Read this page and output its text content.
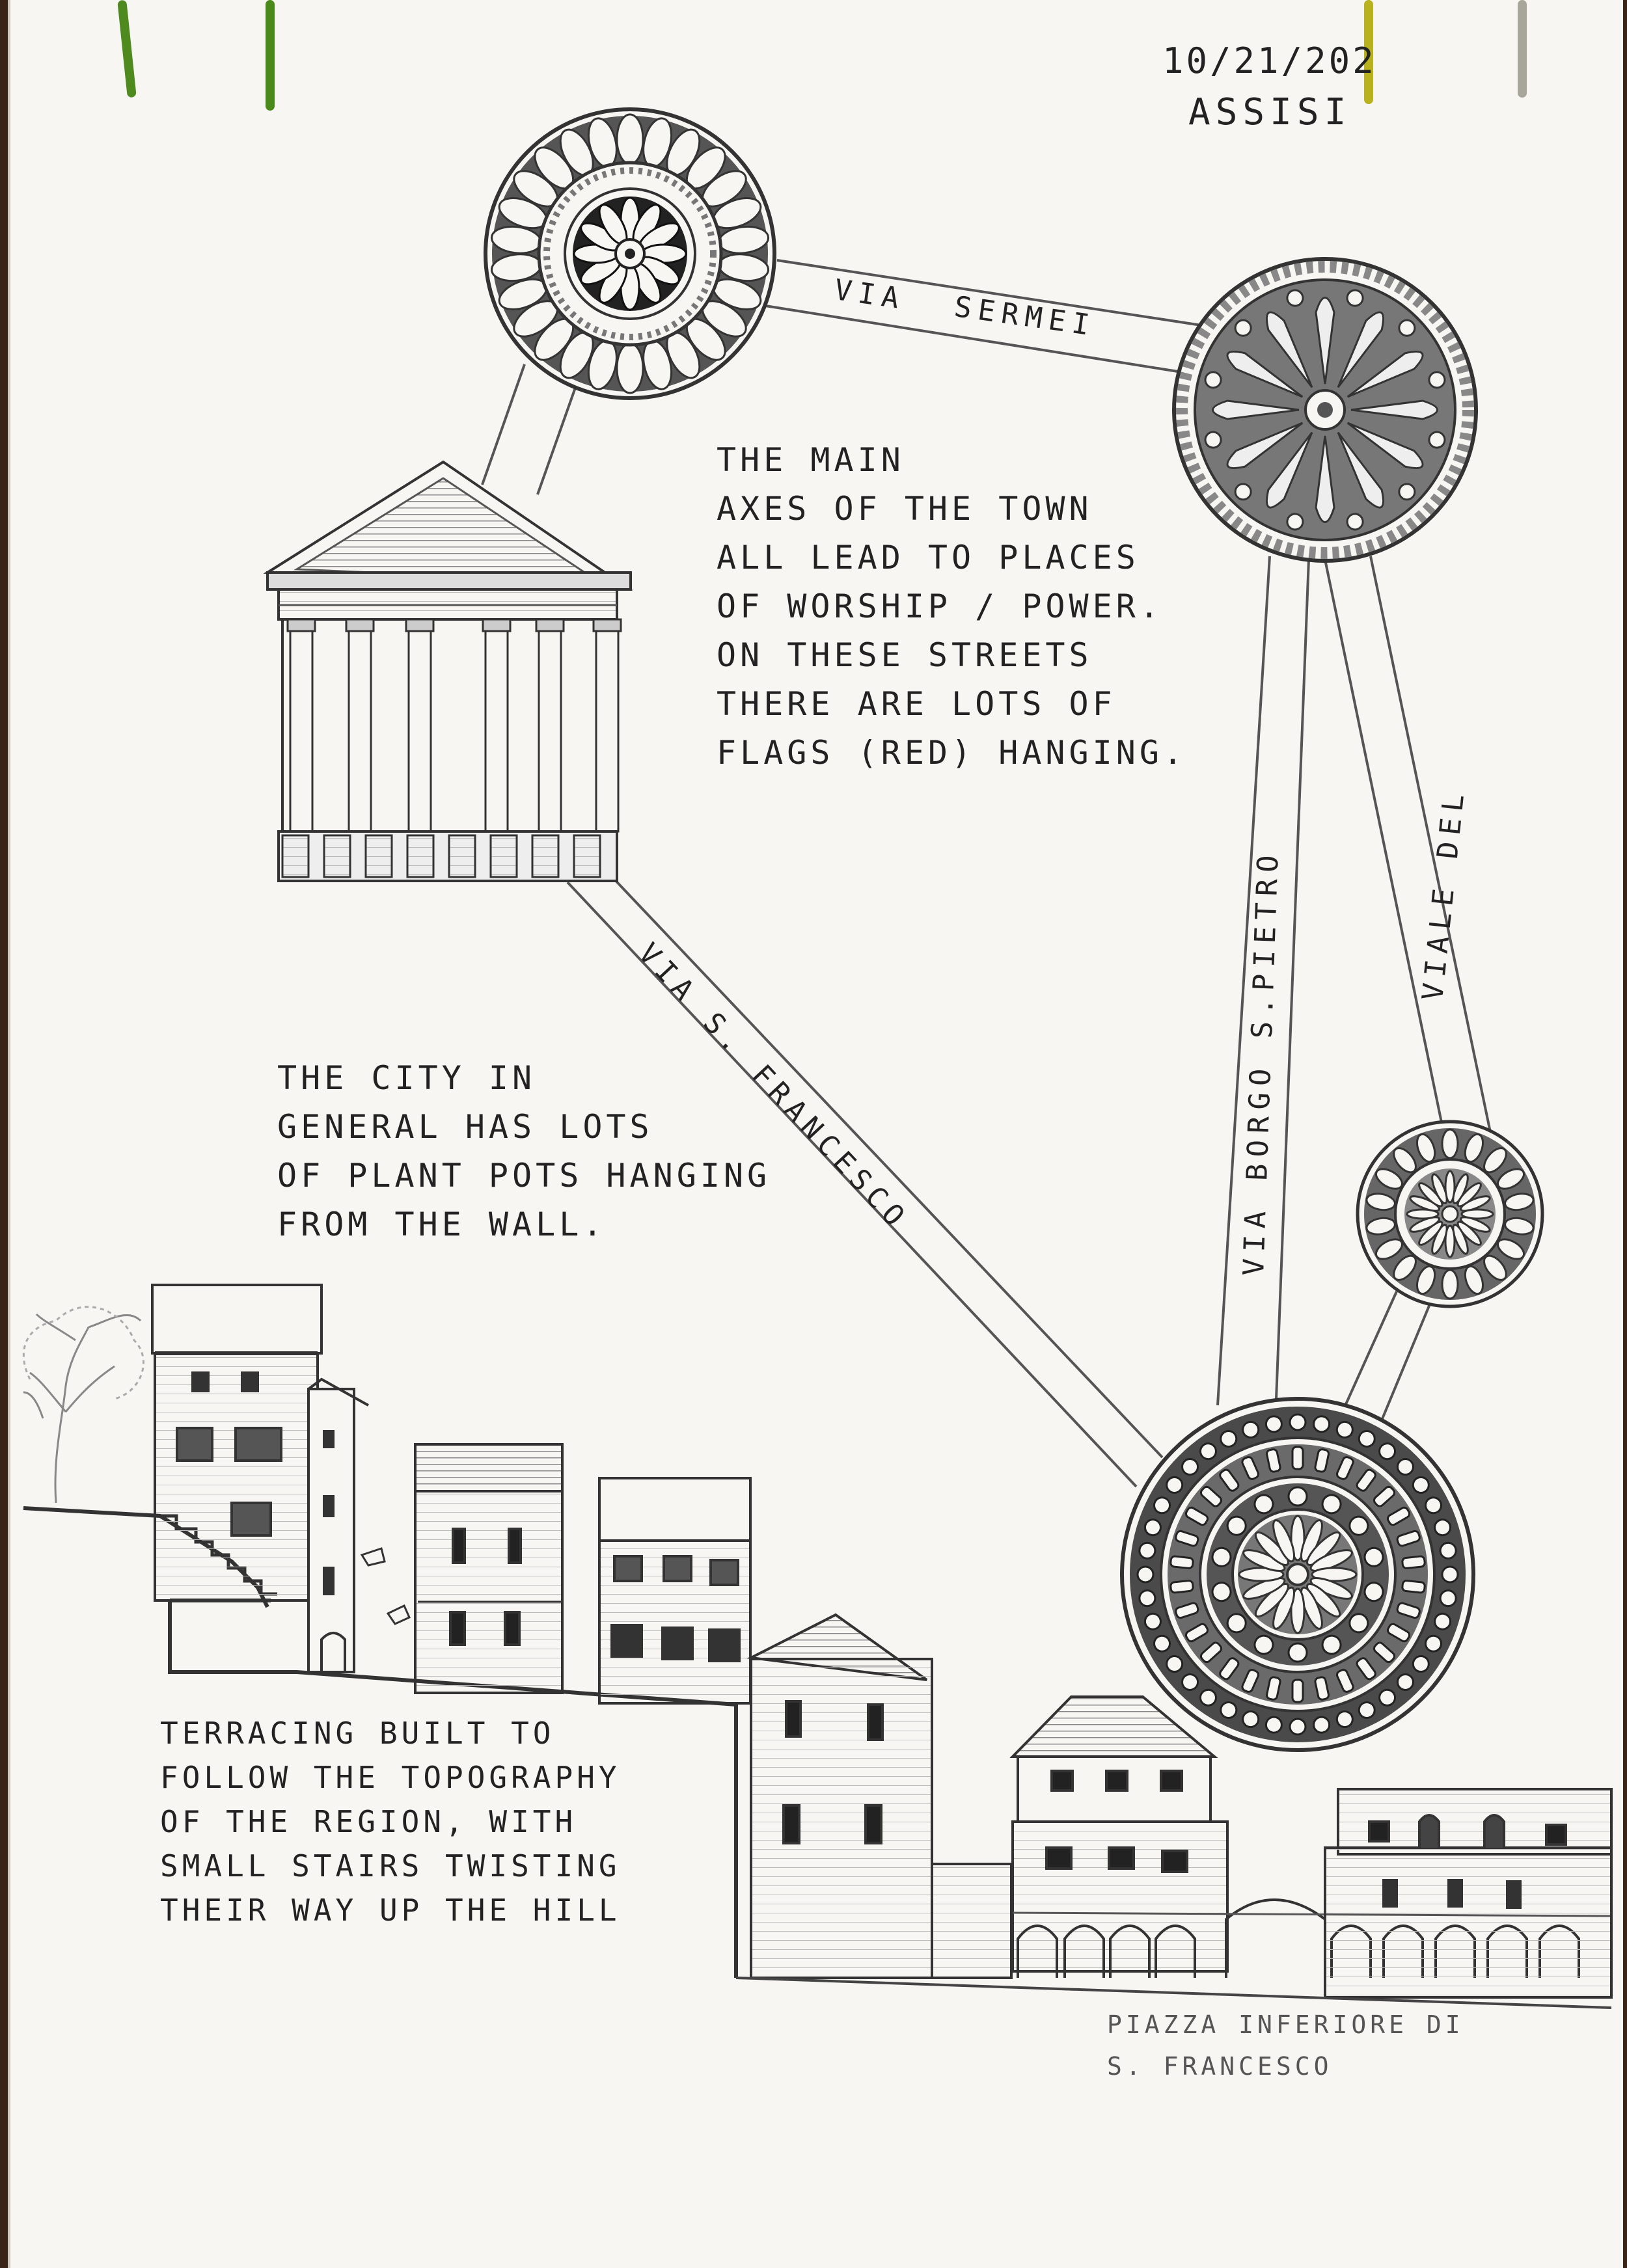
10/21/202
ASSISI
VIA SERMEI
VIA S. FRANCESCO	VIA BORGO S.PIETRO	VIALE DEL
THE MAIN
AXES OF THE TOWN
ALL LEAD TO PLACES
OF WORSHIP / POWER.
ON THESE STREETS
THERE ARE LOTS OF
FLAGS (RED) HANGING.
THE CITY IN
GENERAL HAS LOTS
OF PLANT POTS HANGING
FROM THE WALL.
TERRACING BUILT TO
FOLLOW THE TOPOGRAPHY
OF THE REGION, WITH
SMALL STAIRS TWISTING
THEIR WAY UP THE HILL
PIAZZA INFERIORE DI
S. FRANCESCO
